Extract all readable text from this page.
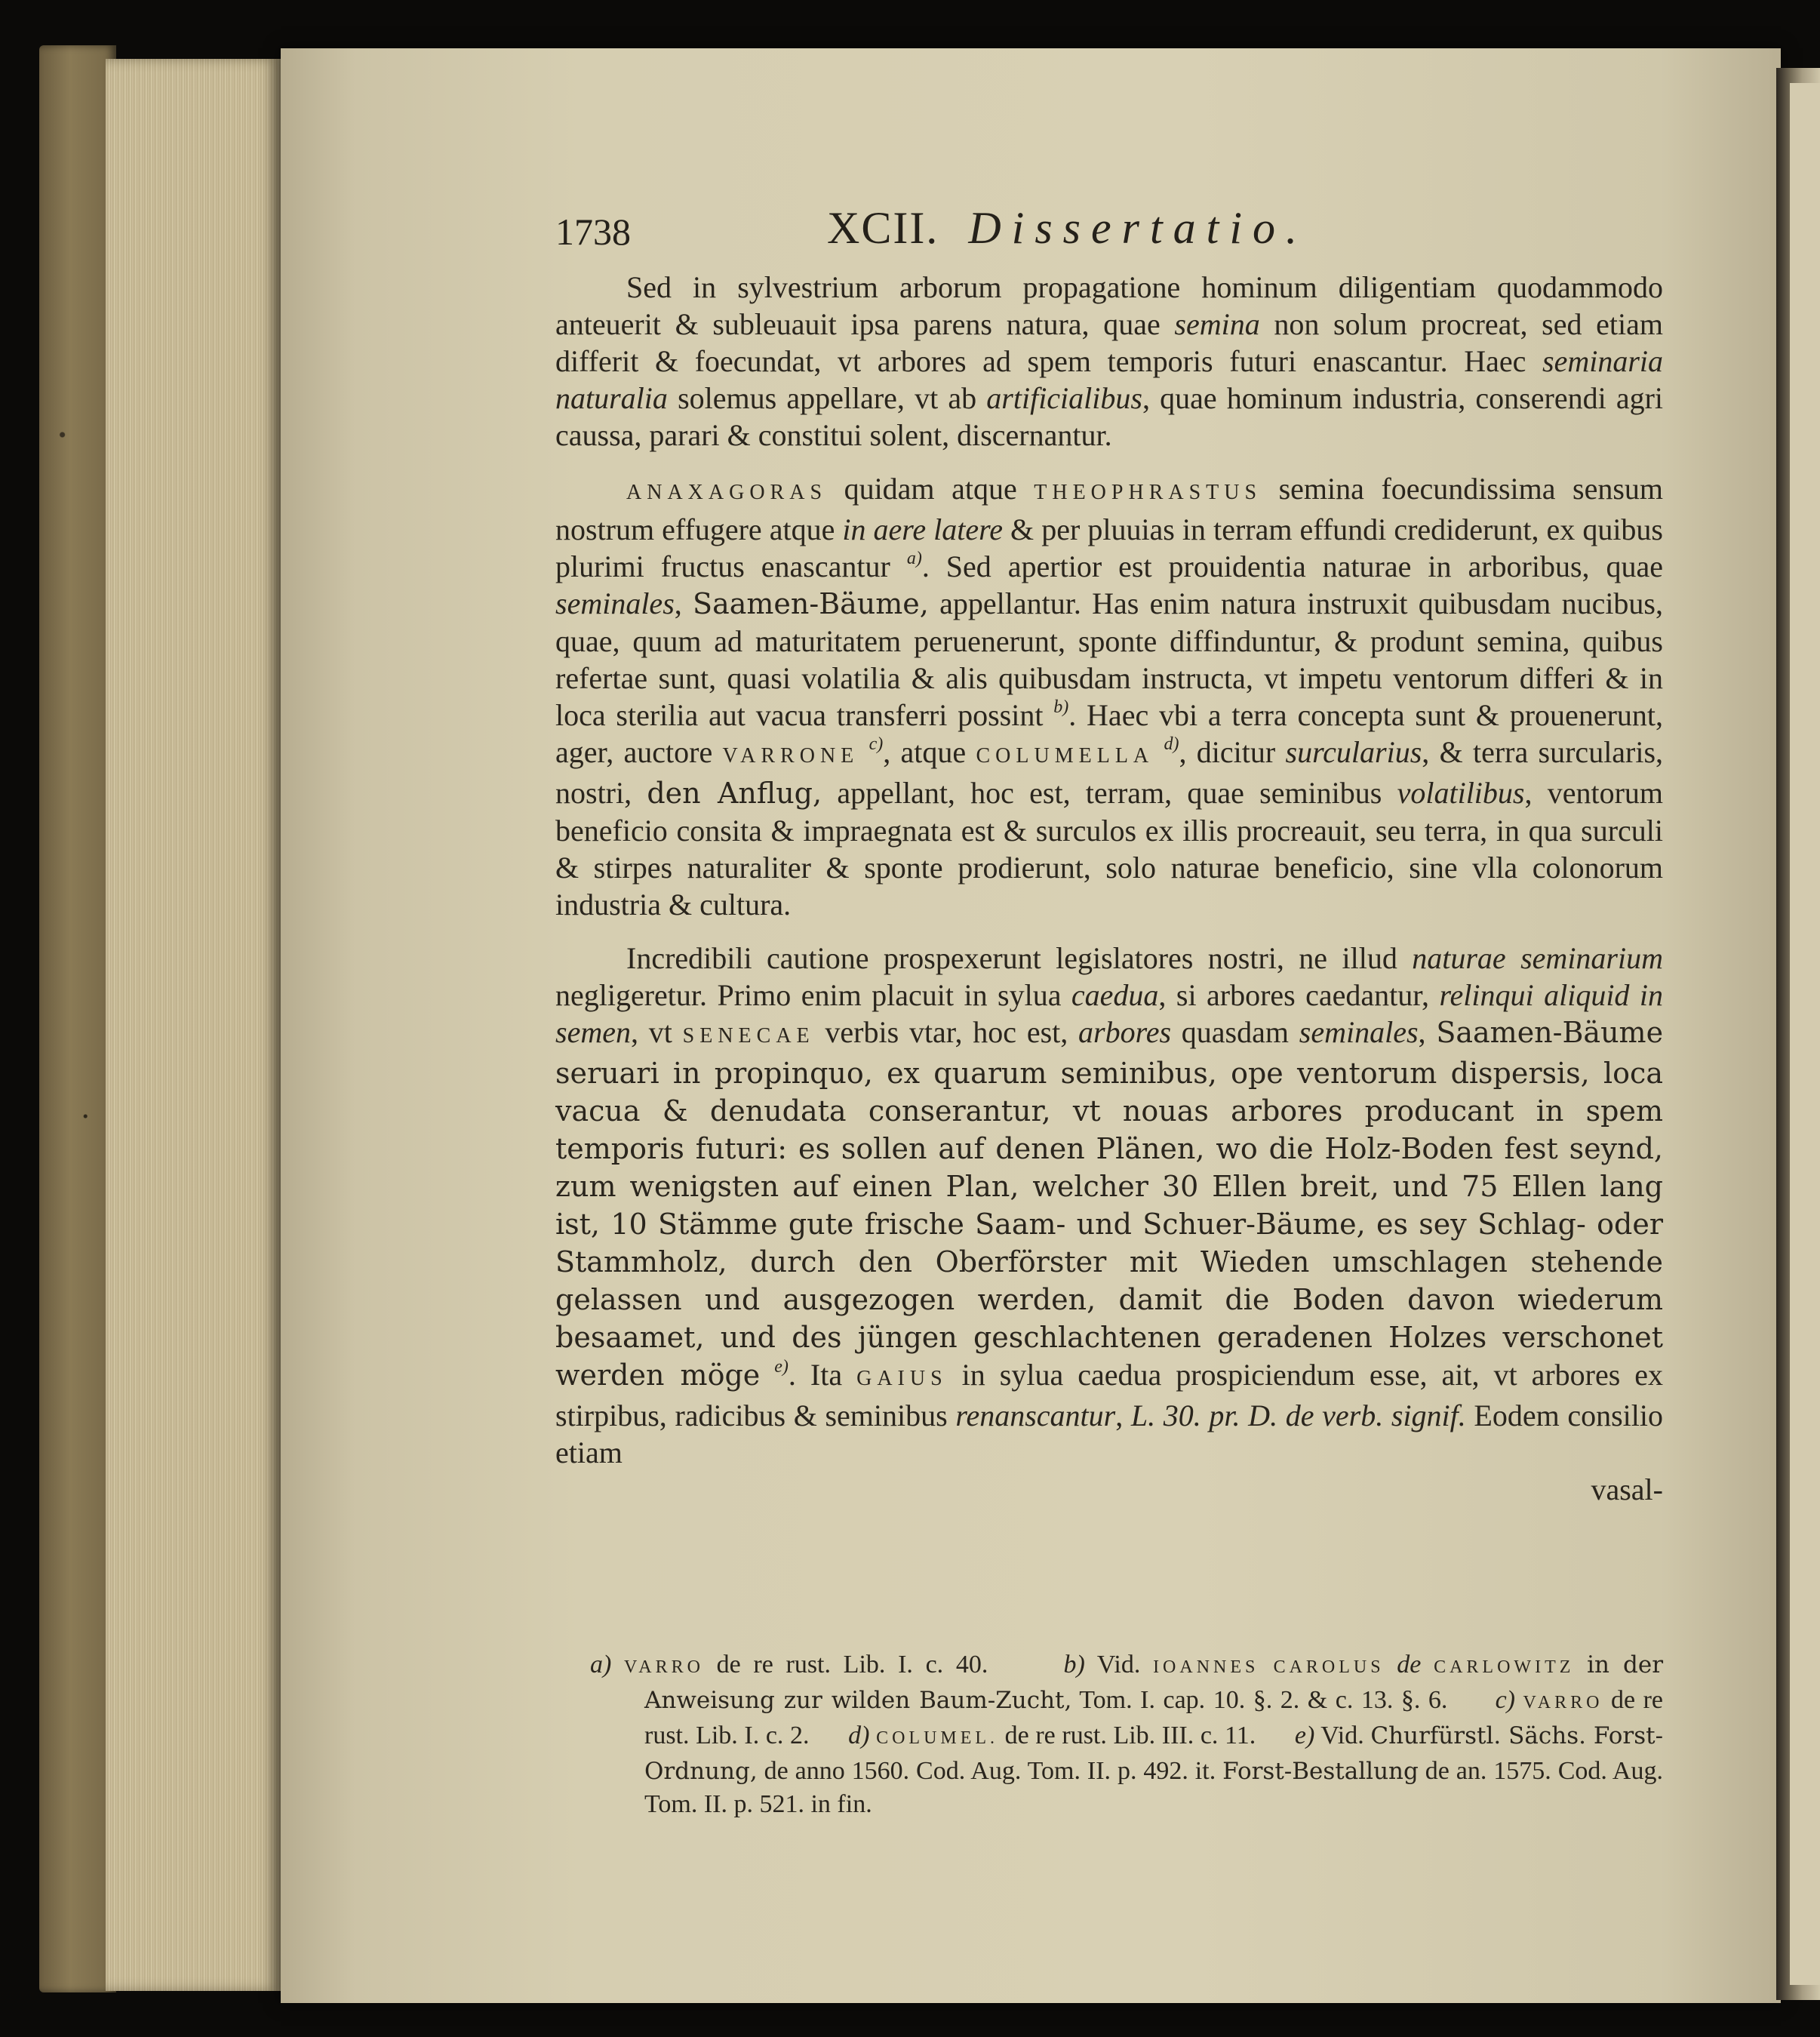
1738	XCII. Dissertatio.

Sed in sylvestrium arborum propagatione hominum diligentiam quodammodo anteuerit & subleuauit ipsa parens natura, quae semina non solum procreat, sed etiam differit & foecundat, vt arbores ad spem temporis futuri enascantur. Haec seminaria naturalia solemus appellare, vt ab artificialibus, quae hominum industria, conserendi agri caussa, parari & constitui solent, discernantur.

ANAXAGORAS quidam atque THEOPHRASTUS semina foecundissima sensum nostrum effugere atque in aere latere & per pluuias in terram effundi crediderunt, ex quibus plurimi fructus enascantur $^{a)}$. Sed apertior est prouidentia naturae in arboribus, quae seminales, Saamen-Bäume, appellantur. Has enim natura instruxit quibusdam nucibus, quae, quum ad maturitatem peruenerunt, sponte diffinduntur, & produnt semina, quibus refertae sunt, quasi volatilia & alis quibusdam instructa, vt impetu ventorum differi & in loca sterilia aut vacua transferri possint $^{b)}$. Haec vbi a terra concepta sunt & prouenerunt, ager, auctore VARRONE $^{c)}$, atque COLUMELLA $^{d)}$, dicitur surcularius, & terra surcularis, nostri, den Anflug, appellant, hoc est, terram, quae seminibus volatilibus, ventorum beneficio consita & impraegnata est & surculos ex illis procreauit, seu terra, in qua surculi & stirpes naturaliter & sponte prodierunt, solo naturae beneficio, sine vlla colonorum industria & cultura.

Incredibili cautione prospexerunt legislatores nostri, ne illud naturae seminarium negligeretur. Primo enim placuit in sylua caedua, si arbores caedantur, relinqui aliquid in semen, vt SENECAE verbis vtar, hoc est, arbores quasdam seminales, Saamen-Bäume seruari in propinquo, ex quarum seminibus, ope ventorum dispersis, loca vacua & denudata conserantur, vt nouas arbores producant in spem temporis futuri: es sollen auf denen Plänen, wo die Holz-Boden fest seynd, zum wenigsten auf einen Plan, welcher 30 Ellen breit, und 75 Ellen lang ist, 10 Stämme gute frische Saam- und Schuer-Bäume, es sey Schlag- oder Stammholz, durch den Oberförster mit Wieden umschlagen stehende gelassen und ausgezogen werden, damit die Boden davon wiederum besaamet, und des jüngen geschlachtenen geradenen Holzes verschonet werden möge $^{e)}$. Ita GAIUS in sylua caedua prospiciendum esse, ait, vt arbores ex stirpibus, radicibus & seminibus renanscantur, L. 30. pr. D. de verb. signif. Eodem consilio etiam

vasal-

a) VARRO de re rust. Lib. I. c. 40.	b) Vid. IOANNES CAROLUS de CARLOWITZ in der Anweisung zur wilden Baum-Zucht, Tom. I. cap. 10. §. 2. & c. 13. §. 6. c) VARRO de re rust. Lib. I. c. 2. d) COLUMEL. de re rust. Lib. III. c. 11. e) Vid. Churfürstl. Sächs. Forst-Ordnung, de anno 1560. Cod. Aug. Tom. II. p. 492. it. Forst-Bestallung de an. 1575. Cod. Aug. Tom. II. p. 521. in fin.
